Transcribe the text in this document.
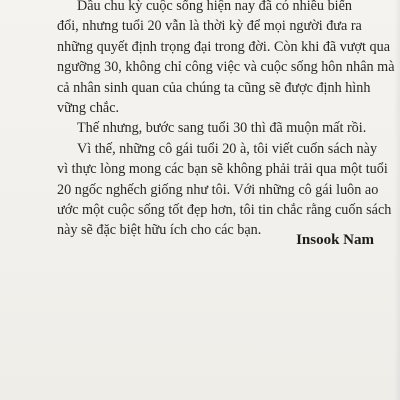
Dầu chu kỳ cuộc sống hiện nay đã có nhiều biến
đổi, nhưng tuổi 20 vẫn là thời kỳ để mọi người đưa ra
những quyết định trọng đại trong đời. Còn khi đã vượt qua
ngưỡng 30, không chỉ công việc và cuộc sống hôn nhân mà
cả nhân sinh quan của chúng ta cũng sẽ được định hình
vững chắc.
Thế nhưng, bước sang tuổi 30 thì đã muộn mất rồi.
Vì thế, những cô gái tuổi 20 à, tôi viết cuốn sách này
vì thực lòng mong các bạn sẽ không phải trải qua một tuổi
20 ngốc nghếch giống như tôi. Với những cô gái luôn ao
ước một cuộc sống tốt đẹp hơn, tôi tin chắc rằng cuốn sách
này sẽ đặc biệt hữu ích cho các bạn.
Insook Nam
